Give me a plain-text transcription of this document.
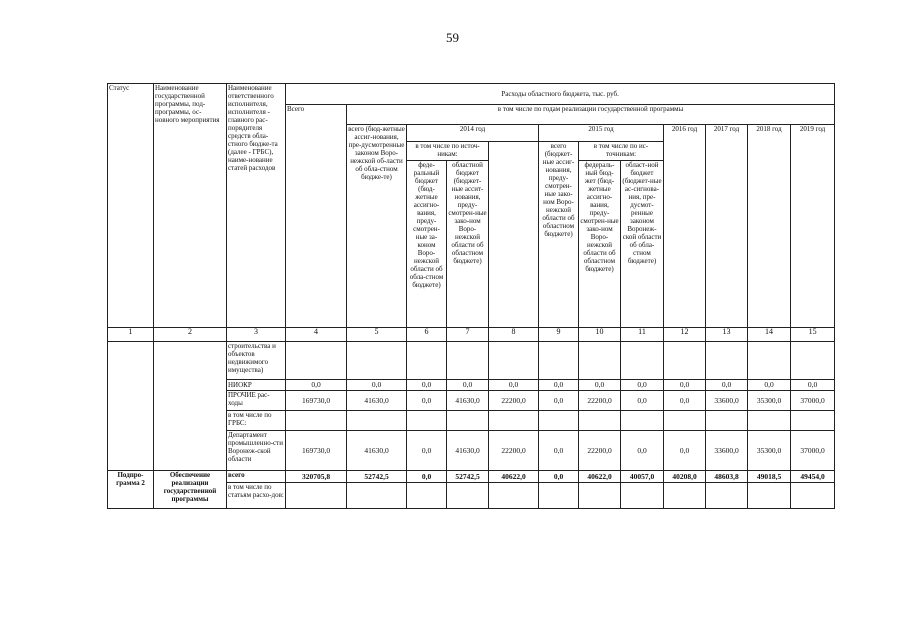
59
Статус	Наименование государственной программы, под-программы, ос-новного мероприятия	Наименование ответственного исполнителя, исполнителя - главного рас-порядителя средств обла-стного бюдже-та (далее - ГРБС), наиме-нование статей расходов	Расходы областного бюджета, тыс. руб.												
			Всего	в том числе по годам реализации государственной программы											
				всего (бюд-жетные ассиг-нования, пре-дусмотренные законом Воро-нежской об-ласти об обла-стном бюдже-те)	2014 год			2015 год			2016 год	2017 год	2018 год	2019 год	
					в том числе по источ-никам:			всего (бюджет-ные ассиг-нования, преду-смотрен-ные зако-ном Воро-нежской области об областном бюджете)	в том числе по ис-точникам:						
					феде-ральный бюджет (бюд-жетные ассигно-вания, преду-смотрен-ные за-коном Воро-нежской области об обла-стном бюджете)	областной бюджет (бюджет-ные ассит-нования, преду-смотрен-ные зако-ном Воро-нежской области об областном бюджете)			федераль-ный бюд-жет (бюд-жетные ассигно-вания, преду-смотрен-ные зако-ном Воро-нежской области об областном бюджете)	област-ной бюджет (бюджет-ные ас-сигнова-ния, пре-дусмот-ренные законом Воронеж-ской области об обла-стном бюджете)					
1	2	3	4	5	6	7	8	9	10	11	12	13	14	15	
		строительства и объектов недвижимого имущества)													
		НИОКР	0,0	0,0	0,0	0,0	0,0	0,0	0,0	0,0	0,0	0,0	0,0	0,0	
		ПРОЧИЕ рас-ходы	169730,0	41630,0	0,0	41630,0	22200,0	0,0	22200,0	0,0	0,0	33600,0	35300,0	37000,0	
		в том числе по ГРБС:													
		Департамент промышленно-сти Воронеж-ской области	169730,0	41630,0	0,0	41630,0	22200,0	0,0	22200,0	0,0	0,0	33600,0	35300,0	37000,0	
Подпро-грамма 2	Обеспечение реализации государственной программы	всего	320705,8	52742,5	0,0	52742,5	40622,0	0,0	40622,0	40057,0	40208,0	48603,8	49018,5	49454,0	
		в том числе по статьям расхо-дов:													
